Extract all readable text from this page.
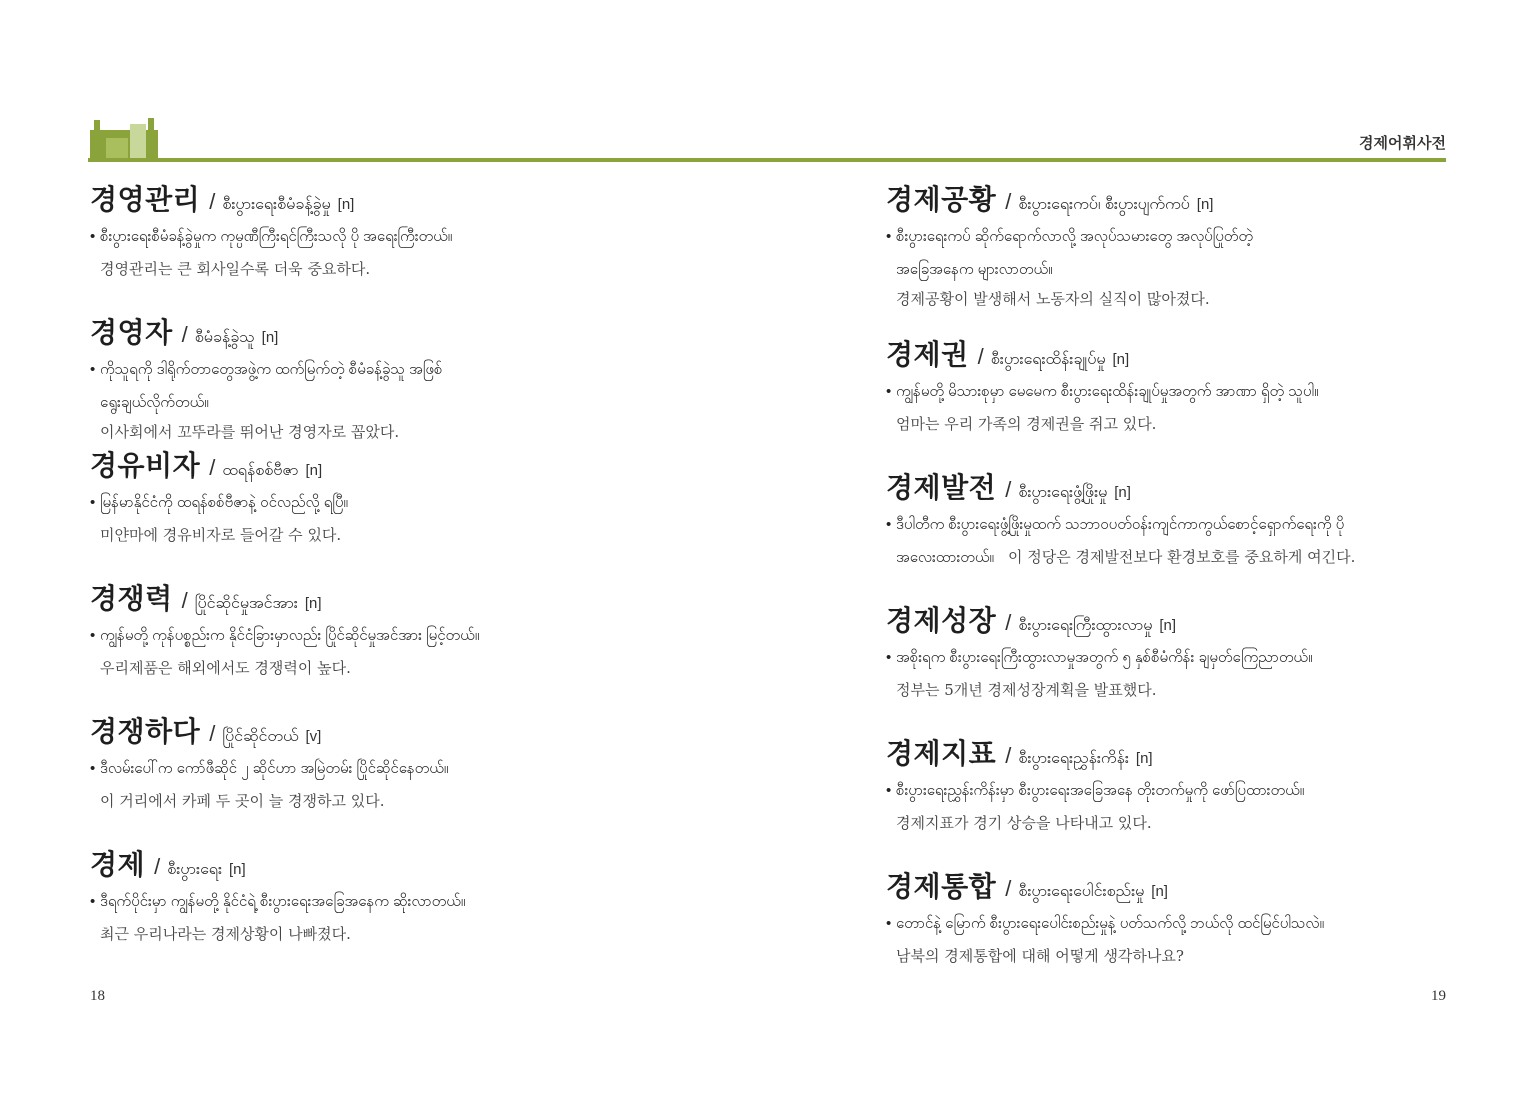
경제어휘사전
경영관리 / စီးပွားရေးစီမံခန့်ခွဲမှု [n]

• စီးပွားရေးစီမံခန့်ခွဲမှုက ကုမ္ပဏီကြီးရင်ကြီးသလို ပို အရေးကြီးတယ်။

경영관리는 큰 회사일수록 더욱 중요하다.

경영자 / စီမံခန့်ခွဲသူ [n]

• ကိုသူရကို ဒါရိုက်တာတွေအဖွဲ့က ထက်မြက်တဲ့ စီမံခန့်ခွဲသူ အဖြစ်

ရွေးချယ်လိုက်တယ်။

이사회에서 꼬뚜라를 뛰어난 경영자로 꼽았다.

경유비자 / ထရန်စစ်ဗီဇာ [n]

• မြန်မာနိုင်ငံကို ထရန်စစ်ဗီဇာနဲ့ ဝင်လည်လို့ ရပြီ။

미얀마에 경유비자로 들어갈 수 있다.

경쟁력 / ပြိုင်ဆိုင်မှုအင်အား [n]

• ကျွန်မတို့ ကုန်ပစ္စည်းက နိုင်ငံခြားမှာလည်း ပြိုင်ဆိုင်မှုအင်အား မြင့်တယ်။

우리제품은 해외에서도 경쟁력이 높다.

경쟁하다 / ပြိုင်ဆိုင်တယ် [v]

• ဒီလမ်းပေါ်က ကော်ဖီဆိုင် ၂ ဆိုင်ဟာ အမြဲတမ်း ပြိုင်ဆိုင်နေတယ်။

이 거리에서 카페 두 곳이 늘 경쟁하고 있다.

경제 / စီးပွားရေး [n]

• ဒီရက်ပိုင်းမှာ ကျွန်မတို့ နိုင်ငံရဲ့ စီးပွားရေးအခြေအနေက ဆိုးလာတယ်။

최근 우리나라는 경제상황이 나빠졌다.

경제공황 / စီးပွားရေးကပ်၊ စီးပွားပျက်ကပ် [n]

• စီးပွားရေးကပ် ဆိုက်ရောက်လာလို့ အလုပ်သမားတွေ အလုပ်ပြုတ်တဲ့

အခြေအနေက များလာတယ်။

경제공황이 발생해서 노동자의 실직이 많아졌다.

경제권 / စီးပွားရေးထိန်းချုပ်မှု [n]

• ကျွန်မတို့ မိသားစုမှာ မေမေက စီးပွားရေးထိန်းချုပ်မှုအတွက် အာဏာ ရှိတဲ့ သူပါ။

엄마는 우리 가족의 경제권을 쥐고 있다.

경제발전 / စီးပွားရေးဖွံ့ဖြိုးမှု [n]

• ဒီပါတီက စီးပွားရေးဖွံ့ဖြိုးမှုထက် သဘာဝပတ်ဝန်းကျင်ကာကွယ်စောင့်ရှောက်ရေးကို ပို

အလေးထားတယ်။ 이 정당은 경제발전보다 환경보호를 중요하게 여긴다.

경제성장 / စီးပွားရေးကြီးထွားလာမှု [n]

• အစိုးရက စီးပွားရေးကြီးထွားလာမှုအတွက် ၅ နှစ်စီမံကိန်း ချမှတ်ကြေညာတယ်။

정부는 5개년 경제성장계획을 발표했다.

경제지표 / စီးပွားရေးညွှန်းကိန်း [n]

• စီးပွားရေးညွှန်းကိန်းမှာ စီးပွားရေးအခြေအနေ တိုးတက်မှုကို ဖော်ပြထားတယ်။

경제지표가 경기 상승을 나타내고 있다.

경제통합 / စီးပွားရေးပေါင်းစည်းမှု [n]

• တောင်နဲ့ မြောက် စီးပွားရေးပေါင်းစည်းမှုနဲ့ ပတ်သက်လို့ ဘယ်လို ထင်မြင်ပါသလဲ။

남북의 경제통합에 대해 어떻게 생각하나요?

18	19
